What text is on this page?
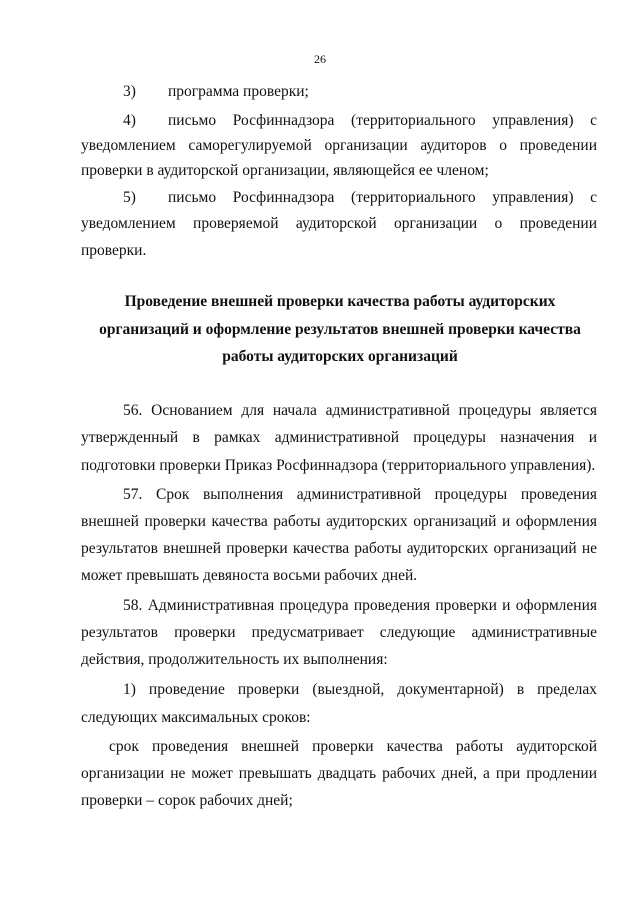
26
3) программа проверки;
4) письмо Росфиннадзора (территориального управления) с
уведомлением саморегулируемой организации аудиторов о проведении
проверки в аудиторской организации, являющейся ее членом;
5) письмо Росфиннадзора (территориального управления) с
уведомлением проверяемой аудиторской организации о проведении
проверки.
Проведение внешней проверки качества работы аудиторских
организаций и оформление результатов внешней проверки качества
работы аудиторских организаций
56. Основанием для начала административной процедуры является
утвержденный в рамках административной процедуры назначения и
подготовки проверки Приказ Росфиннадзора (территориального управления).
57. Срок выполнения административной процедуры проведения
внешней проверки качества работы аудиторских организаций и оформления
результатов внешней проверки качества работы аудиторских организаций не
может превышать девяноста восьми рабочих дней.
58. Административная процедура проведения проверки и оформления
результатов проверки предусматривает следующие административные
действия, продолжительность их выполнения:
1) проведение проверки (выездной, документарной) в пределах
следующих максимальных сроков:
срок проведения внешней проверки качества работы аудиторской
организации не может превышать двадцать рабочих дней, а при продлении
проверки – сорок рабочих дней;
